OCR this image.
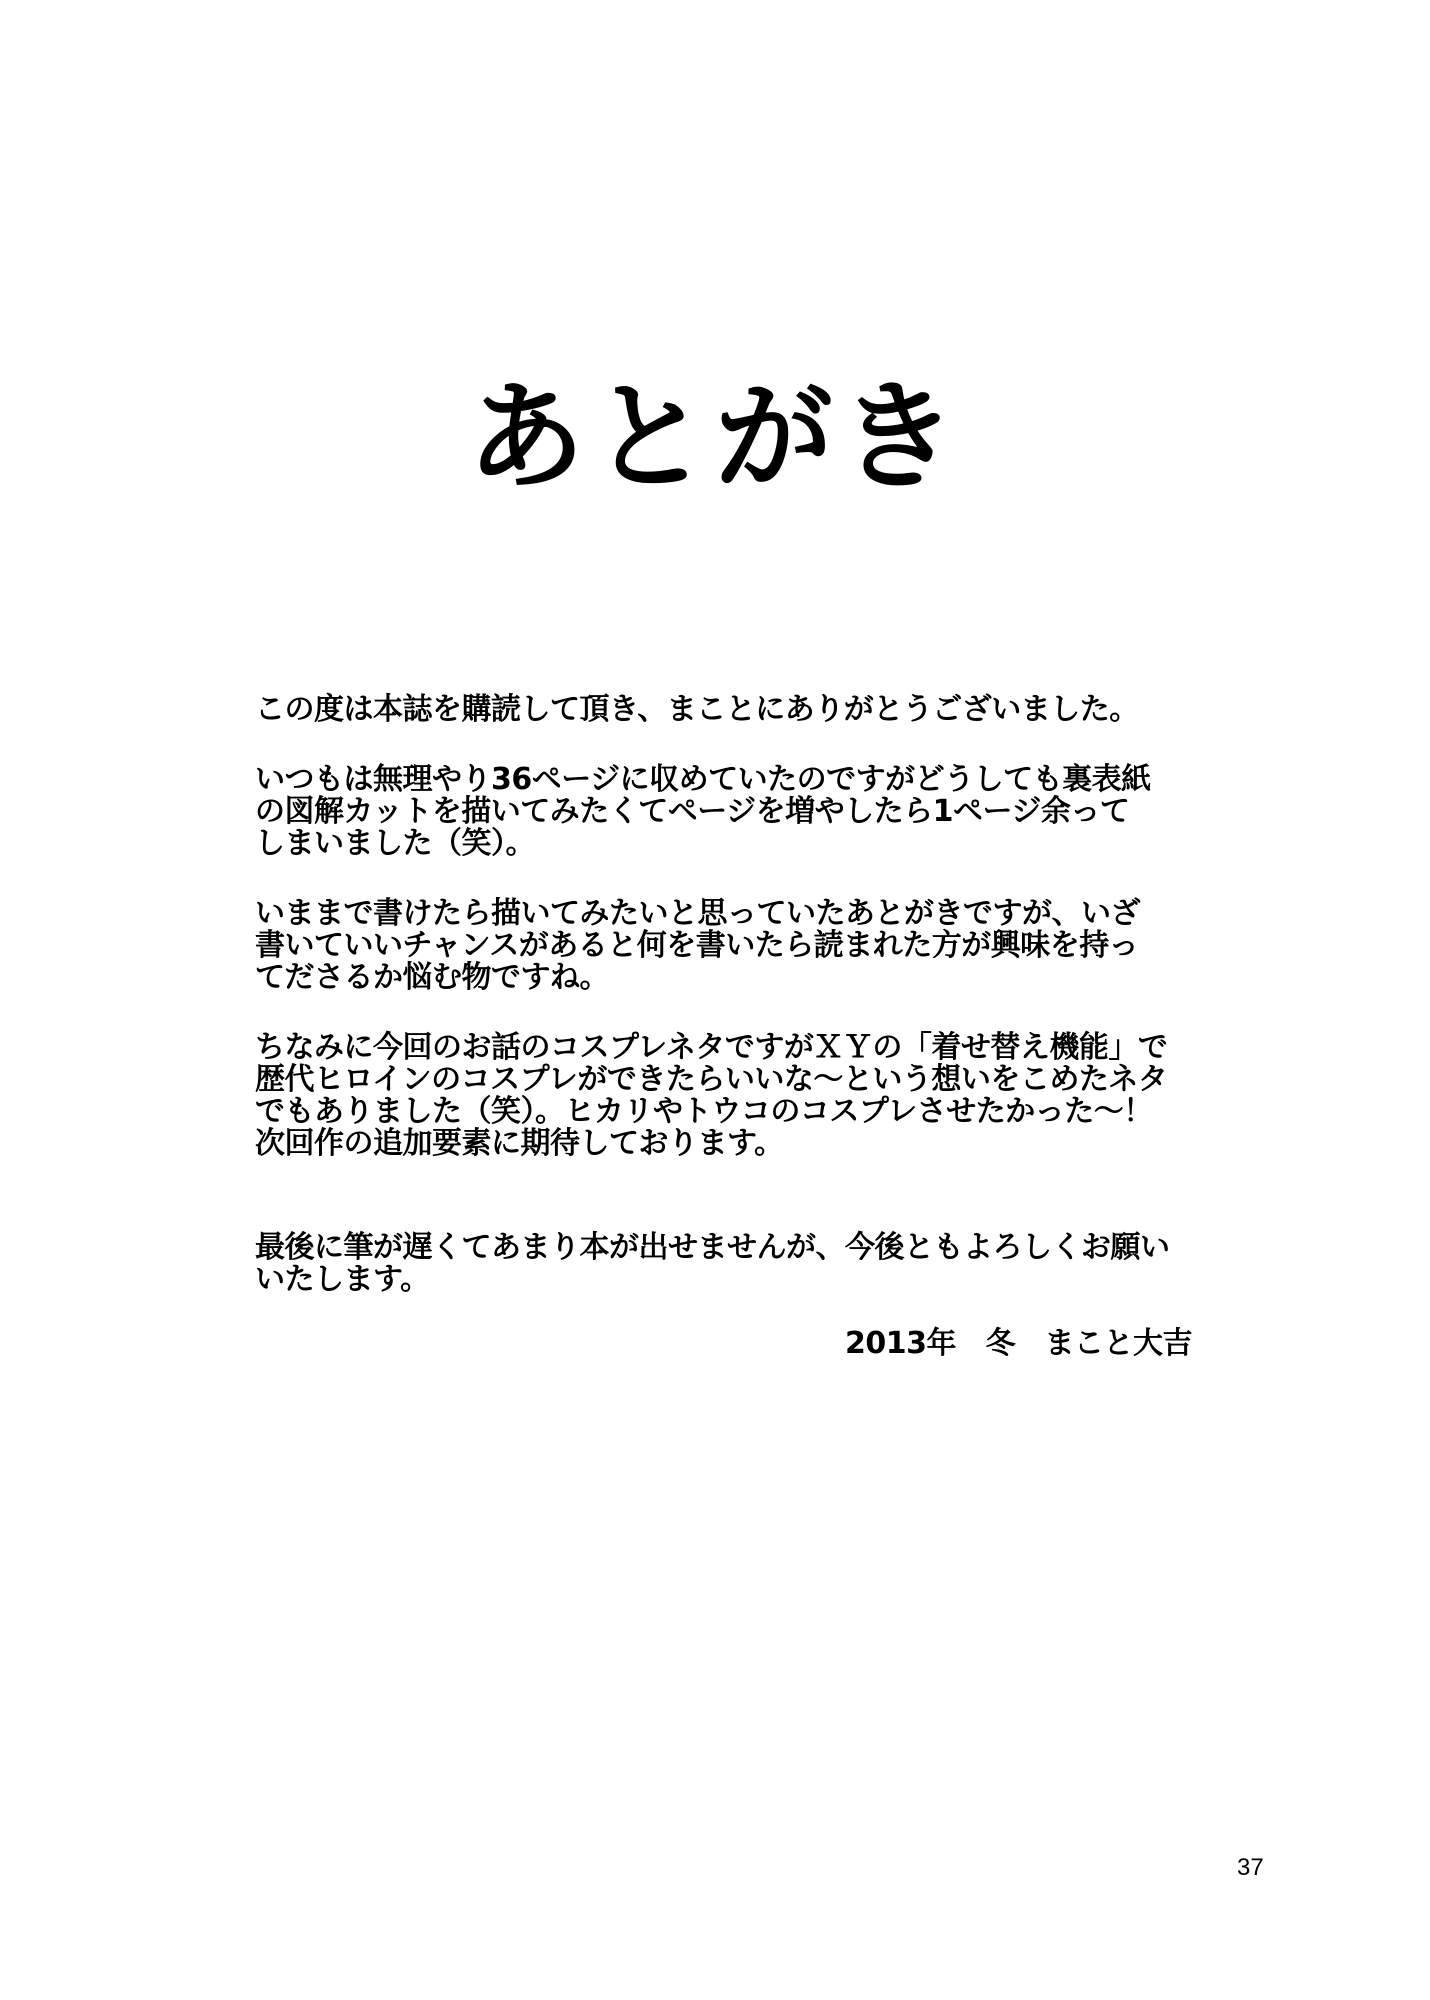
あとがき
この度は本誌を購読して頂き、まことにありがとうございました。
いつもは無理やり36ページに収めていたのですがどうしても裏表紙
の図解カットを描いてみたくてページを増やしたら1ページ余って
しまいました（笑）。
いままで書けたら描いてみたいと思っていたあとがきですが、いざ
書いていいチャンスがあると何を書いたら読まれた方が興味を持っ
てださるか悩む物ですね。
ちなみに今回のお話のコスプレネタですがＸＹの「着せ替え機能」で
歴代ヒロインのコスプレができたらいいな～という想いをこめたネタ
でもありました（笑）。ヒカリやトウコのコスプレさせたかった～！
次回作の追加要素に期待しております。
最後に筆が遅くてあまり本が出せませんが、今後ともよろしくお願い
いたします。
2013年　冬　まこと大吉
37
